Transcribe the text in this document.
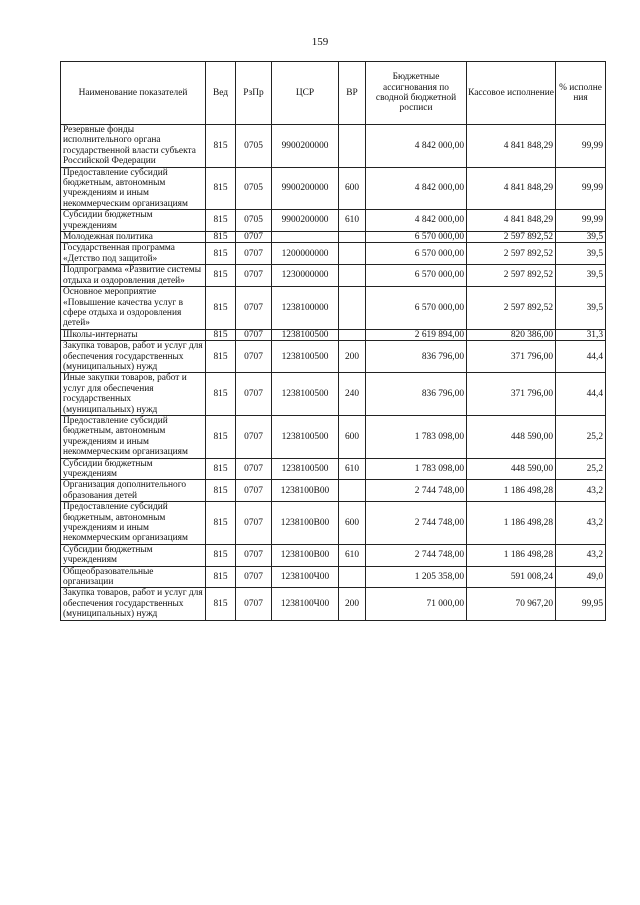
159
Наименование показателей	Вед	РзПр	ЦСР	ВР	Бюджетные ассигнования по сводной бюджетной росписи	Кассовое исполнение	% исполне ния
Резервные фонды исполнительного органа государственной власти субъекта Российской Федерации	815	0705	9900200000		4 842 000,00	4 841 848,29	99,99
Предоставление субсидий бюджетным, автономным учреждениям и иным некоммерческим организациям	815	0705	9900200000	600	4 842 000,00	4 841 848,29	99,99
Субсидии бюджетным учреждениям	815	0705	9900200000	610	4 842 000,00	4 841 848,29	99,99
Молодежная политика	815	0707			6 570 000,00	2 597 892,52	39,5
Государственная программа «Детство под защитой»	815	0707	1200000000		6 570 000,00	2 597 892,52	39,5
Подпрограмма «Развитие системы отдыха и оздоровления детей»	815	0707	1230000000		6 570 000,00	2 597 892,52	39,5
Основное мероприятие «Повышение качества услуг в сфере отдыха и оздоровления детей»	815	0707	1238100000		6 570 000,00	2 597 892,52	39,5
Школы-интернаты	815	0707	1238100500		2 619 894,00	820 386,00	31,3
Закупка товаров, работ и услуг для обеспечения государственных (муниципальных) нужд	815	0707	1238100500	200	836 796,00	371 796,00	44,4
Иные закупки товаров, работ и услуг для обеспечения государственных (муниципальных) нужд	815	0707	1238100500	240	836 796,00	371 796,00	44,4
Предоставление субсидий бюджетным, автономным учреждениям и иным некоммерческим организациям	815	0707	1238100500	600	1 783 098,00	448 590,00	25,2
Субсидии бюджетным учреждениям	815	0707	1238100500	610	1 783 098,00	448 590,00	25,2
Организация дополнительного образования детей	815	0707	1238100В00		2 744 748,00	1 186 498,28	43,2
Предоставление субсидий бюджетным, автономным учреждениям и иным некоммерческим организациям	815	0707	1238100В00	600	2 744 748,00	1 186 498,28	43,2
Субсидии бюджетным учреждениям	815	0707	1238100В00	610	2 744 748,00	1 186 498,28	43,2
Общеобразовательные организации	815	0707	1238100Ч00		1 205 358,00	591 008,24	49,0
Закупка товаров, работ и услуг для обеспечения государственных (муниципальных) нужд	815	0707	1238100Ч00	200	71 000,00	70 967,20	99,95
